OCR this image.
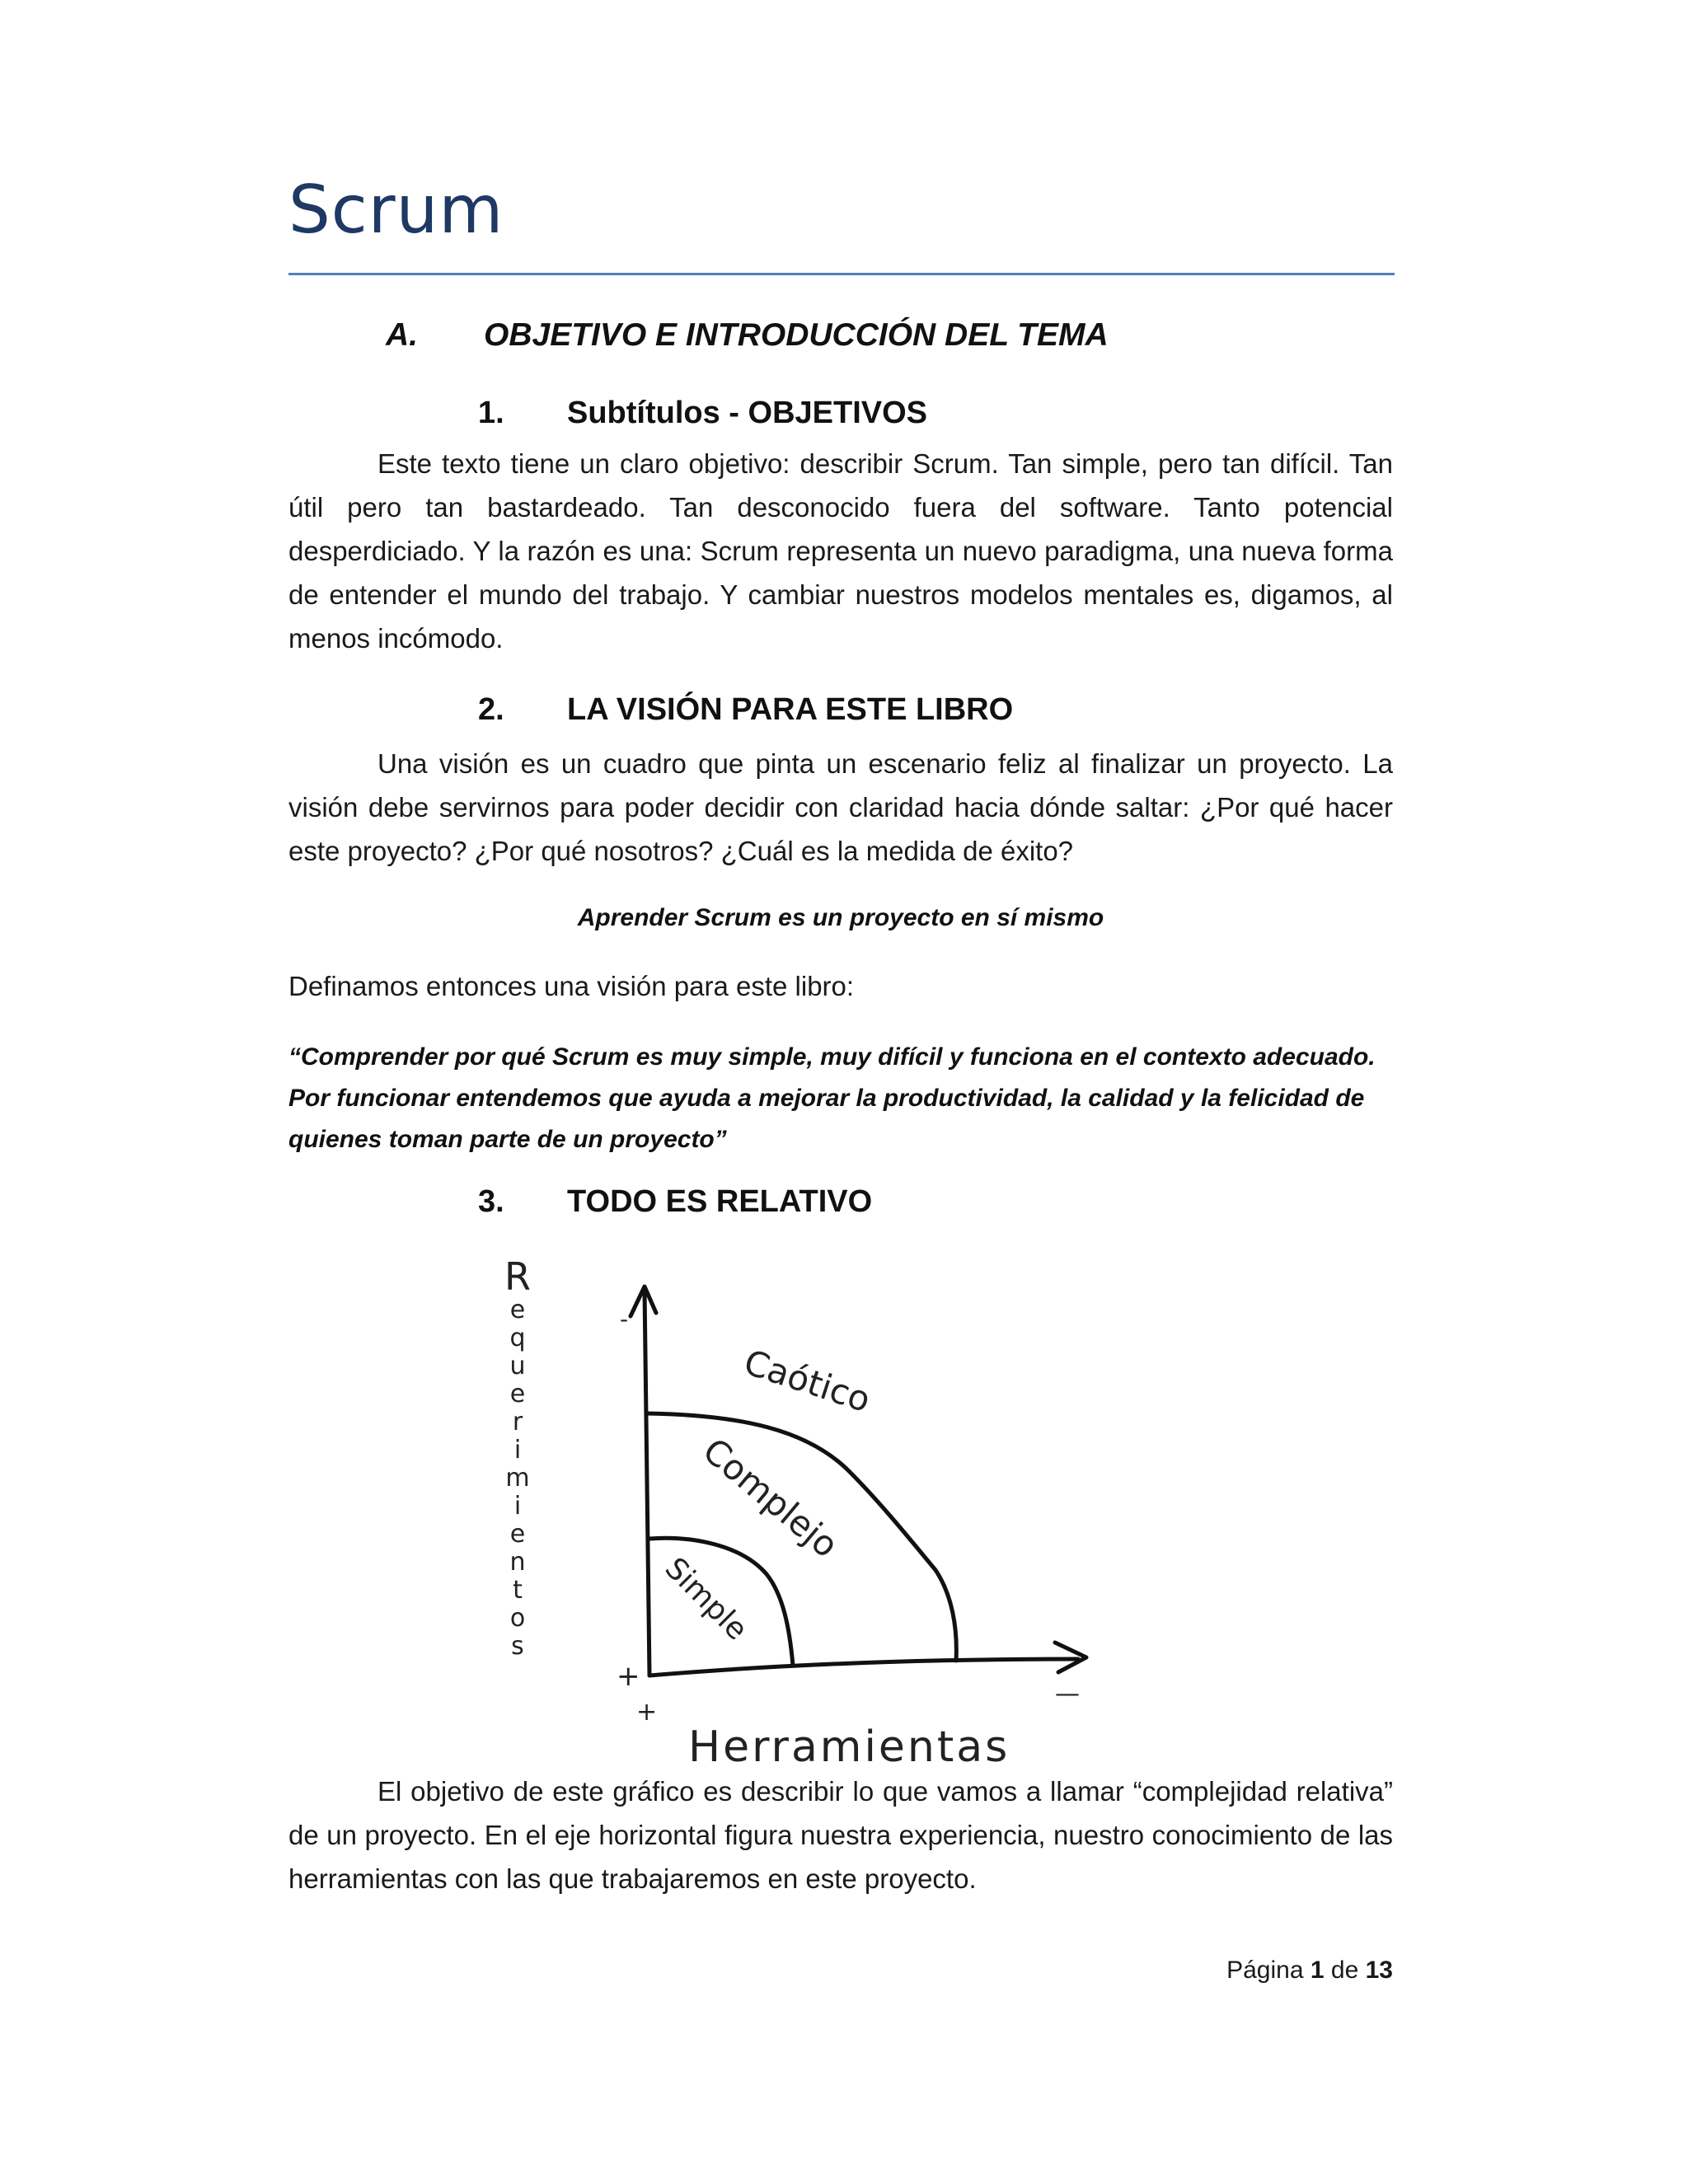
Scrum
A. OBJETIVO E INTRODUCCIÓN DEL TEMA
1. Subtítulos - OBJETIVOS
Este texto tiene un claro objetivo: describir Scrum. Tan simple, pero tan difícil. Tan útil pero tan bastardeado. Tan desconocido fuera del software. Tanto potencial desperdiciado. Y la razón es una: Scrum representa un nuevo paradigma, una nueva forma de entender el mundo del trabajo. Y cambiar nuestros modelos mentales es, digamos, al menos incómodo.
2. LA VISIÓN PARA ESTE LIBRO
Una visión es un cuadro que pinta un escenario feliz al finalizar un proyecto. La visión debe servirnos para poder decidir con claridad hacia dónde saltar: ¿Por qué hacer este proyecto? ¿Por qué nosotros? ¿Cuál es la medida de éxito?
Aprender Scrum es un proyecto en sí mismo
Definamos entonces una visión para este libro:
“Comprender por qué Scrum es muy simple, muy difícil y funciona en el contexto adecuado. Por funcionar entendemos que ayuda a mejorar la productividad, la calidad y la felicidad de quienes toman parte de un proyecto”
3. TODO ES RELATIVO
R e q u e r i m i e n t o s
Caótico
Complejo
Simple
-
+
+
—
Herramientas
El objetivo de este gráfico es describir lo que vamos a llamar “complejidad relativa” de un proyecto. En el eje horizontal figura nuestra experiencia, nuestro conocimiento de las herramientas con las que trabajaremos en este proyecto.
Página 1 de 13
